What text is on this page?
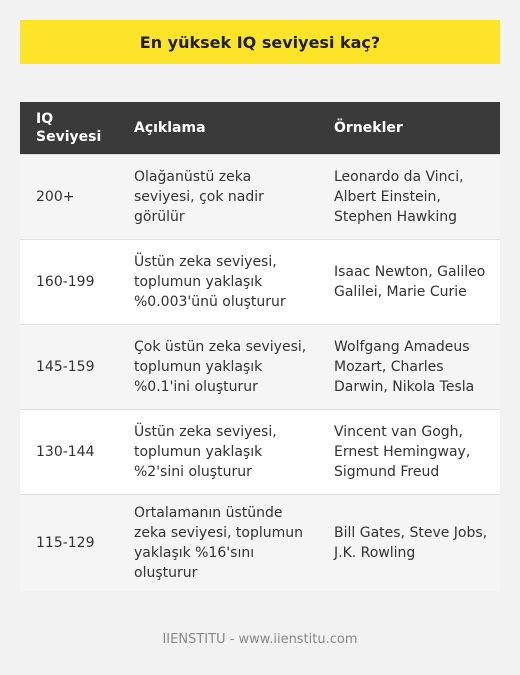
En yüksek IQ seviyesi kaç?
IQ Seviyesi	Açıklama	Örnekler
200+	Olağanüstü zeka seviyesi, çok nadir görülür	Leonardo da Vinci, Albert Einstein, Stephen Hawking
160-199	Üstün zeka seviyesi, toplumun yaklaşık %0.003'ünü oluşturur	Isaac Newton, Galileo Galilei, Marie Curie
145-159	Çok üstün zeka seviyesi, toplumun yaklaşık %0.1'ini oluşturur	Wolfgang Amadeus Mozart, Charles Darwin, Nikola Tesla
130-144	Üstün zeka seviyesi, toplumun yaklaşık %2'sini oluşturur	Vincent van Gogh, Ernest Hemingway, Sigmund Freud
115-129	Ortalamanın üstünde zeka seviyesi, toplumun yaklaşık %16'sını oluşturur	Bill Gates, Steve Jobs, J.K. Rowling
IIENSTITU - www.iienstitu.com
